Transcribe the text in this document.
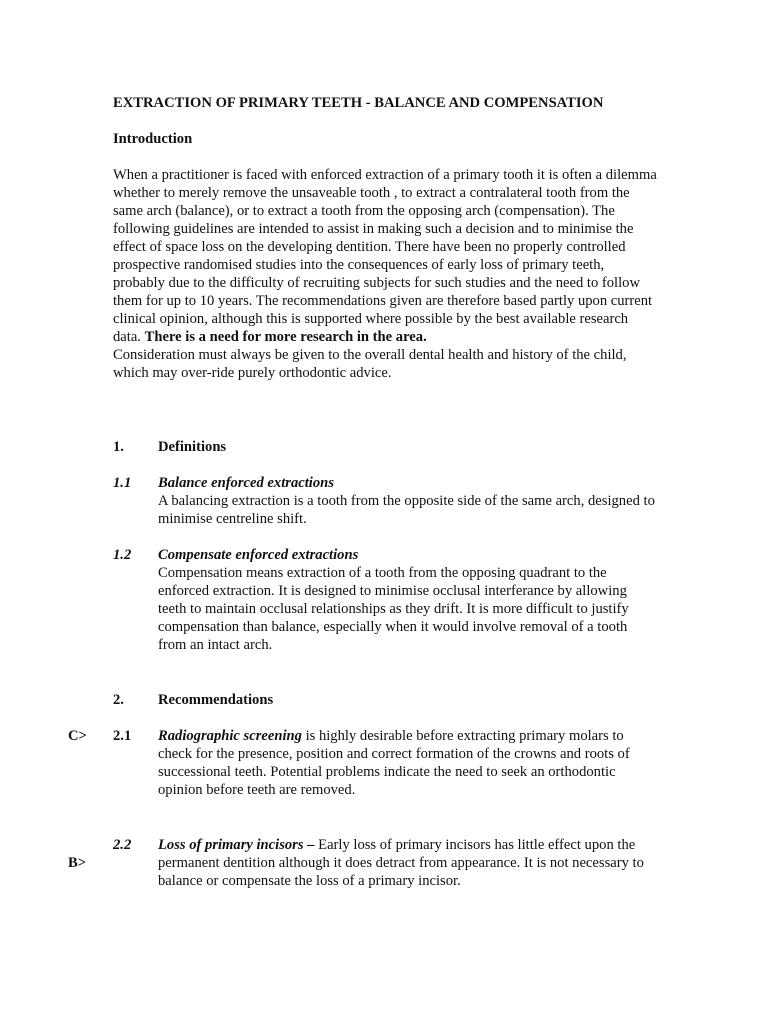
EXTRACTION OF PRIMARY TEETH - BALANCE AND COMPENSATION
Introduction

When a practitioner is faced with enforced extraction of a primary tooth it is often a dilemma whether to merely remove the unsaveable tooth , to extract a contralateral tooth from the same arch (balance), or to extract a tooth from the opposing arch (compensation). The following guidelines are intended to assist in making such a decision and to minimise the effect of space loss on the developing dentition. There have been no properly controlled prospective randomised studies into the consequences of early loss of primary teeth, probably due to the difficulty of recruiting subjects for such studies and the need to follow them for up to 10 years. The recommendations given are therefore based partly upon current clinical opinion, although this is supported where possible by the best available research data. There is a need for more research in the area.

Consideration must always be given to the overall dental health and history of the child, which may over-ride purely orthodontic advice.

1. Definitions
1.1 Balance enforced extractions
A balancing extraction is a tooth from the opposite side of the same arch, designed to minimise centreline shift.
1.2 Compensate enforced extractions
Compensation means extraction of a tooth from the opposing quadrant to the enforced extraction. It is designed to minimise occlusal interferance by allowing teeth to maintain occlusal relationships as they drift. It is more difficult to justify compensation than balance, especially when it would involve removal of a tooth from an intact arch.
2. Recommendations
C> 2.1 Radiographic screening is highly desirable before extracting primary molars to
check for the presence, position and correct formation of the crowns and roots of successional teeth. Potential problems indicate the need to seek an orthodontic opinion before teeth are removed.
2.2
B>
Loss of primary incisors – Early loss of primary incisors has little effect upon the permanent dentition although it does detract from appearance. It is not necessary to balance or compensate the loss of a primary incisor.
